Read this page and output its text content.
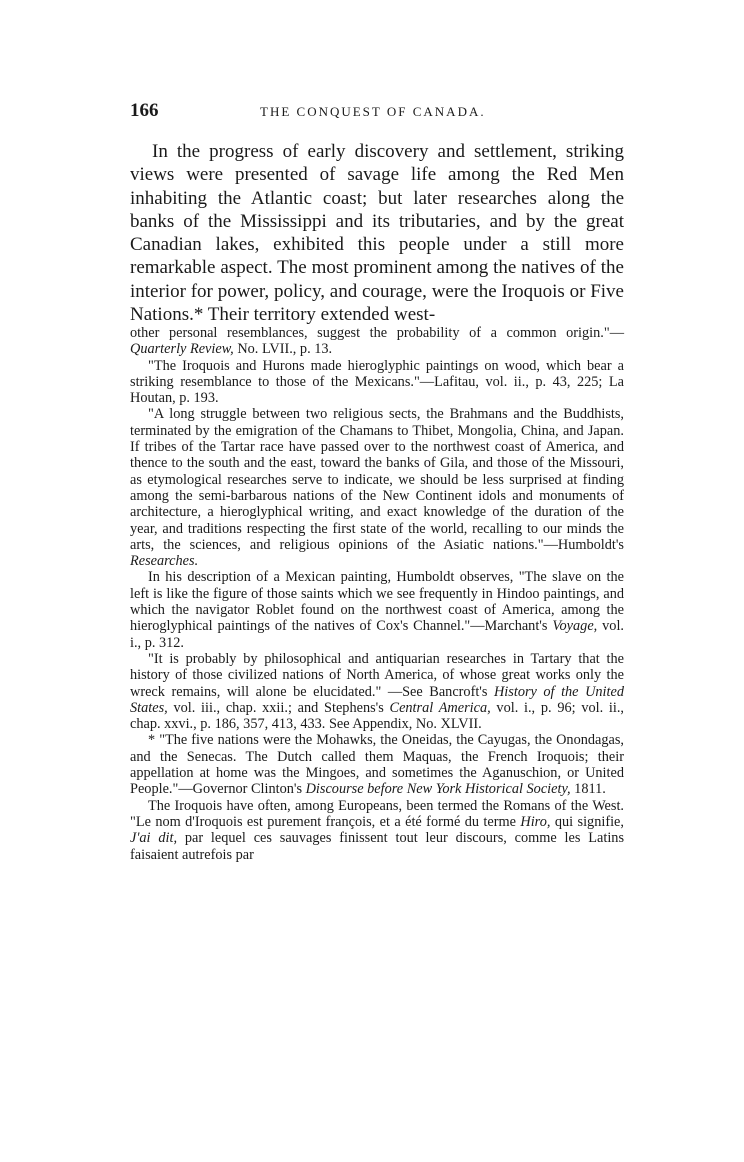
166	THE CONQUEST OF CANADA.

In the progress of early discovery and settlement, striking views were presented of savage life among the Red Men inhabiting the Atlantic coast; but later researches along the banks of the Mississippi and its tributaries, and by the great Canadian lakes, exhibited this people under a still more remarkable aspect. The most prominent among the natives of the interior for power, policy, and courage, were the Iroquois or Five Nations.* Their territory extended west-

other personal resemblances, suggest the probability of a common origin."—Quarterly Review, No. LVII., p. 13.

"The Iroquois and Hurons made hieroglyphic paintings on wood, which bear a striking resemblance to those of the Mexicans."—Lafitau, vol. ii., p. 43, 225; La Houtan, p. 193.

"A long struggle between two religious sects, the Brahmans and the Buddhists, terminated by the emigration of the Chamans to Thibet, Mongolia, China, and Japan. If tribes of the Tartar race have passed over to the northwest coast of America, and thence to the south and the east, toward the banks of Gila, and those of the Missouri, as etymological researches serve to indicate, we should be less surprised at finding among the semi-barbarous nations of the New Continent idols and monuments of architecture, a hieroglyphical writing, and exact knowledge of the duration of the year, and traditions respecting the first state of the world, recalling to our minds the arts, the sciences, and religious opinions of the Asiatic nations."—Humboldt's Researches.

In his description of a Mexican painting, Humboldt observes, "The slave on the left is like the figure of those saints which we see frequently in Hindoo paintings, and which the navigator Roblet found on the northwest coast of America, among the hieroglyphical paintings of the natives of Cox's Channel."—Marchant's Voyage, vol. i., p. 312.

"It is probably by philosophical and antiquarian researches in Tartary that the history of those civilized nations of North America, of whose great works only the wreck remains, will alone be elucidated." —See Bancroft's History of the United States, vol. iii., chap. xxii.; and Stephens's Central America, vol. i., p. 96; vol. ii., chap. xxvi., p. 186, 357, 413, 433. See Appendix, No. XLVII.

* "The five nations were the Mohawks, the Oneidas, the Cayugas, the Onondagas, and the Senecas. The Dutch called them Maquas, the French Iroquois; their appellation at home was the Mingoes, and sometimes the Aganuschion, or United People."—Governor Clinton's Discourse before New York Historical Society, 1811.

The Iroquois have often, among Europeans, been termed the Romans of the West. "Le nom d'Iroquois est purement françois, et a été formé du terme Hiro, qui signifie, J'ai dit, par lequel ces sauvages finissent tout leur discours, comme les Latins faisaient autrefois par
